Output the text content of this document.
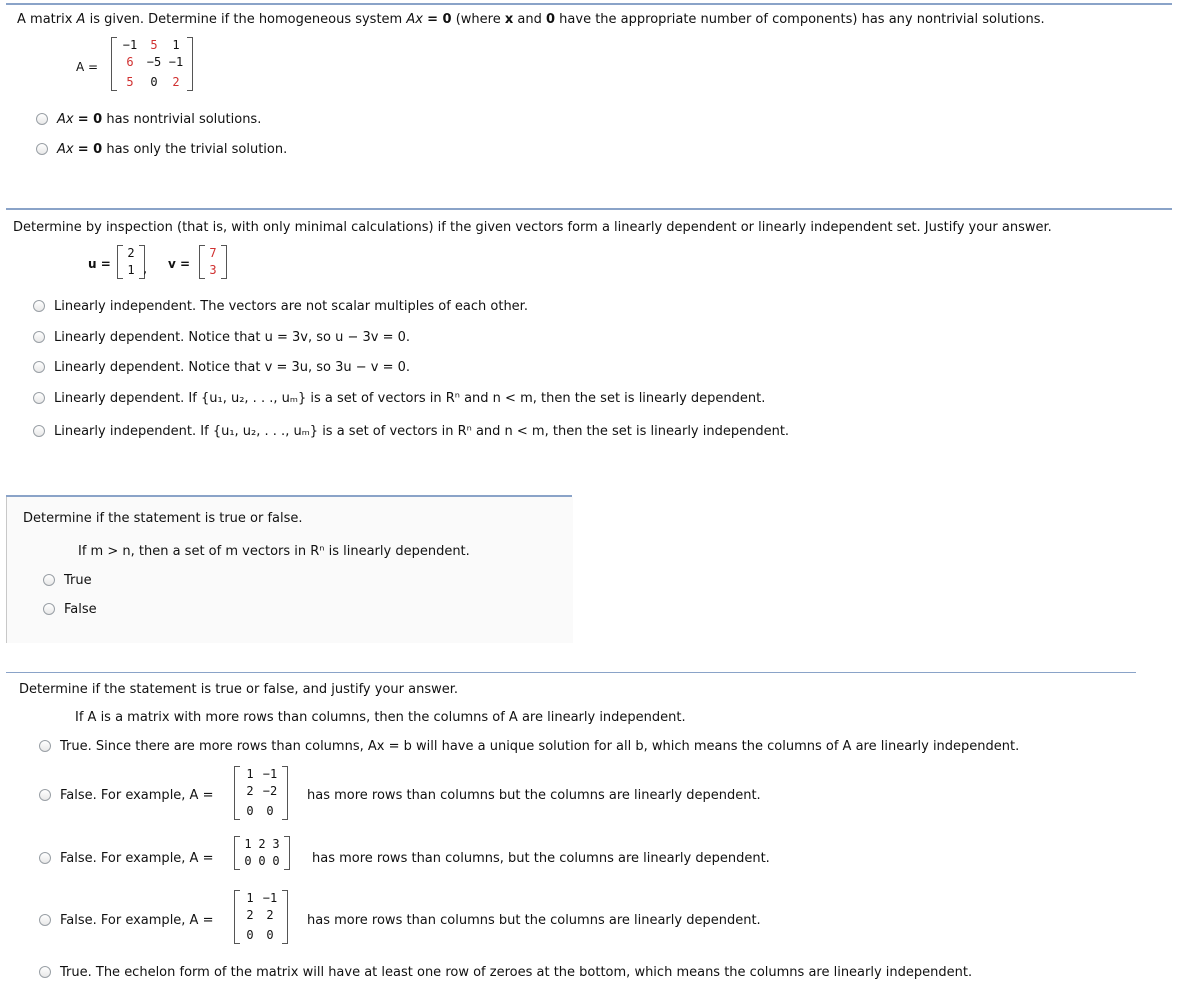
A matrix A is given. Determine if the homogeneous system Ax = 0 (where x and 0 have the appropriate number of components) has any nontrivial solutions.
A =
−1	5	1
6	−5 −1
5	0	2
Ax = 0 has nontrivial solutions.
Ax = 0 has only the trivial solution.
Determine by inspection (that is, with only minimal calculations) if the given vectors form a linearly dependent or linearly independent set. Justify your answer.
u =
2
1 , v =
7
3
Linearly independent. The vectors are not scalar multiples of each other.
Linearly dependent. Notice that u = 3v, so u − 3v = 0.
Linearly dependent. Notice that v = 3u, so 3u − v = 0.
Linearly dependent. If {u₁, u₂, . . ., uₘ} is a set of vectors in Rⁿ and n < m, then the set is linearly dependent.
Linearly independent. If {u₁, u₂, . . ., uₘ} is a set of vectors in Rⁿ and n < m, then the set is linearly independent.
Determine if the statement is true or false.
If m > n, then a set of m vectors in Rⁿ is linearly dependent.
True
False
Determine if the statement is true or false, and justify your answer.
If A is a matrix with more rows than columns, then the columns of A are linearly independent.
True. Since there are more rows than columns, Ax = b will have a unique solution for all b, which means the columns of A are linearly independent.
False. For example, A =
1 −1
2 −2
0	0
has more rows than columns but the columns are linearly dependent.
False. For example, A =
1 2 3
0 0 0 has more rows than columns, but the columns are linearly dependent.
False. For example, A =
1 −1
2	2
0	0
has more rows than columns but the columns are linearly dependent.
True. The echelon form of the matrix will have at least one row of zeroes at the bottom, which means the columns are linearly independent.
